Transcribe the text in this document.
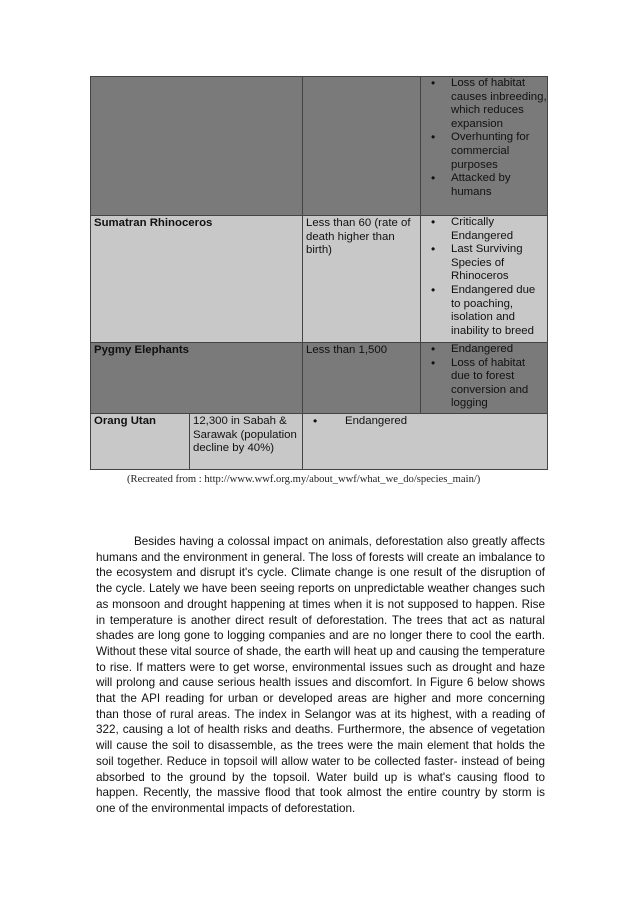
• Loss of habitat causes inbreeding, which reduces expansion
• Overhunting for commercial purposes
• Attacked by humans
Sumatran Rhinoceros	Less than 60 (rate of death higher than birth)
• Critically Endangered
• Last Surviving Species of Rhinoceros
• Endangered due to poaching, isolation and inability to breed
Pygmy Elephants	Less than 1,500
•	Endangered
• Loss of habitat due to forest conversion and logging
Orang Utan	12,300 in Sabah & Sarawak (population decline by 40%)
• Endangered
(Recreated from : http://www.wwf.org.my/about_wwf/what_we_do/species_main/)

Besides having a colossal impact on animals, deforestation also greatly affects humans and the environment in general. The loss of forests will create an imbalance to the ecosystem and disrupt it's cycle. Climate change is one result of the disruption of the cycle. Lately we have been seeing reports on unpredictable weather changes such as monsoon and drought happening at times when it is not supposed to happen. Rise in temperature is another direct result of deforestation. The trees that act as natural shades are long gone to logging companies and are no longer there to cool the earth. Without these vital source of shade, the earth will heat up and causing the temperature to rise. If matters were to get worse, environmental issues such as drought and haze will prolong and cause serious health issues and discomfort. In Figure 6 below shows that the API reading for urban or developed areas are higher and more concerning than those of rural areas. The index in Selangor was at its highest, with a reading of 322, causing a lot of health risks and deaths. Furthermore, the absence of vegetation will cause the soil to disassemble, as the trees were the main element that holds the soil together. Reduce in topsoil will allow water to be collected faster- instead of being absorbed to the ground by the topsoil. Water build up is what's causing flood to happen. Recently, the massive flood that took almost the entire country by storm is one of the environmental impacts of deforestation.
